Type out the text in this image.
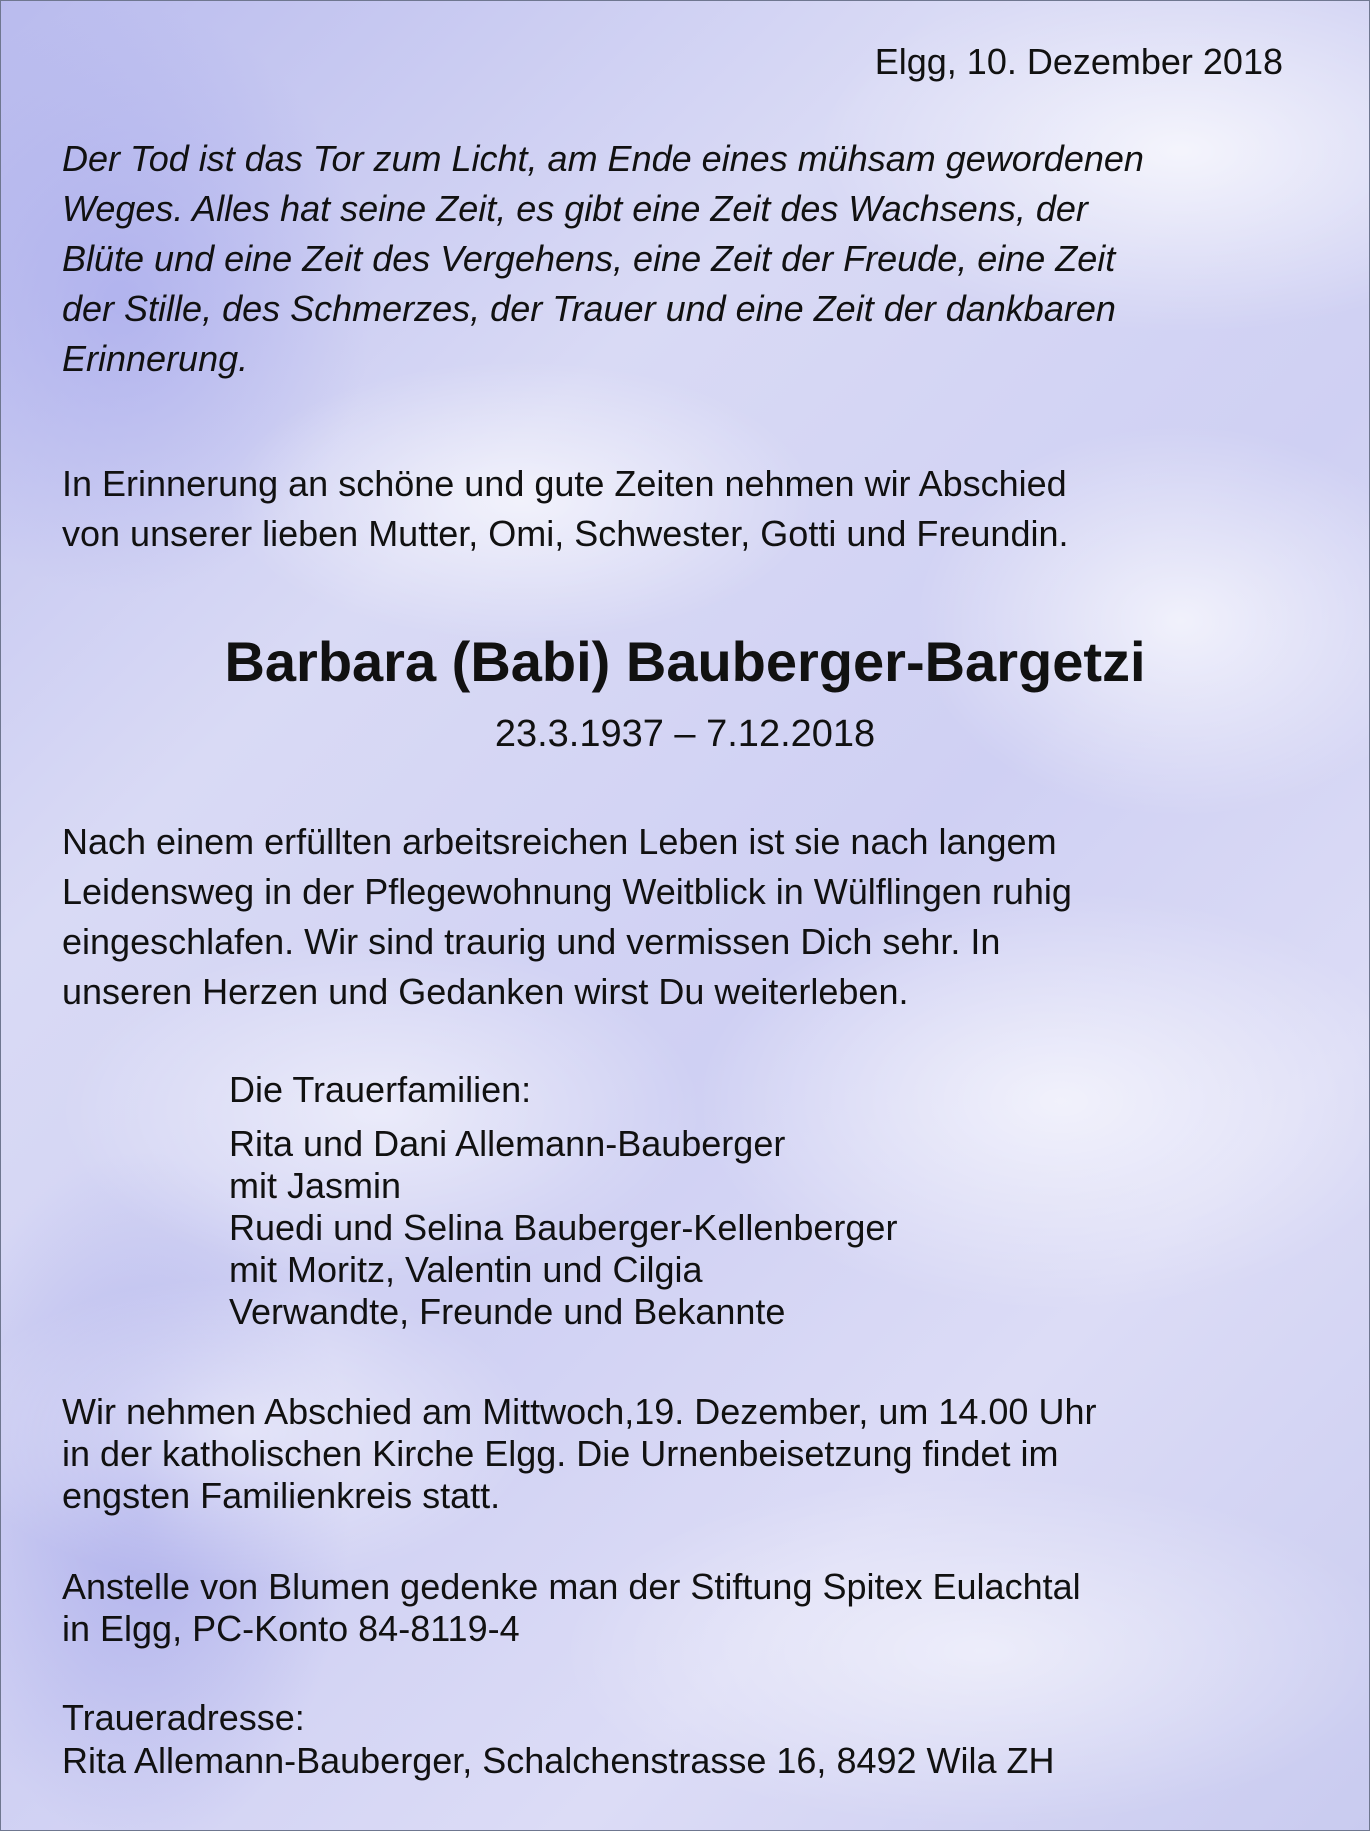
Elgg, 10. Dezember 2018

Der Tod ist das Tor zum Licht, am Ende eines mühsam gewordenen
Weges. Alles hat seine Zeit, es gibt eine Zeit des Wachsens, der
Blüte und eine Zeit des Vergehens, eine Zeit der Freude, eine Zeit
der Stille, des Schmerzes, der Trauer und eine Zeit der dankbaren
Erinnerung.

In Erinnerung an schöne und gute Zeiten nehmen wir Abschied
von unserer lieben Mutter, Omi, Schwester, Gotti und Freundin.

Barbara (Babi) Bauberger-Bargetzi

23.3.1937 – 7.12.2018

Nach einem erfüllten arbeitsreichen Leben ist sie nach langem
Leidensweg in der Pflegewohnung Weitblick in Wülflingen ruhig
eingeschlafen. Wir sind traurig und vermissen Dich sehr. In
unseren Herzen und Gedanken wirst Du weiterleben.

Die Trauerfamilien:

Rita und Dani Allemann-Bauberger
mit Jasmin
Ruedi und Selina Bauberger-Kellenberger
mit Moritz, Valentin und Cilgia
Verwandte, Freunde und Bekannte

Wir nehmen Abschied am Mittwoch,19. Dezember, um 14.00 Uhr
in der katholischen Kirche Elgg. Die Urnenbeisetzung findet im
engsten Familienkreis statt.

Anstelle von Blumen gedenke man der Stiftung Spitex Eulachtal
in Elgg, PC-Konto 84-8119-4

Traueradresse:

Rita Allemann-Bauberger, Schalchenstrasse 16, 8492 Wila ZH
